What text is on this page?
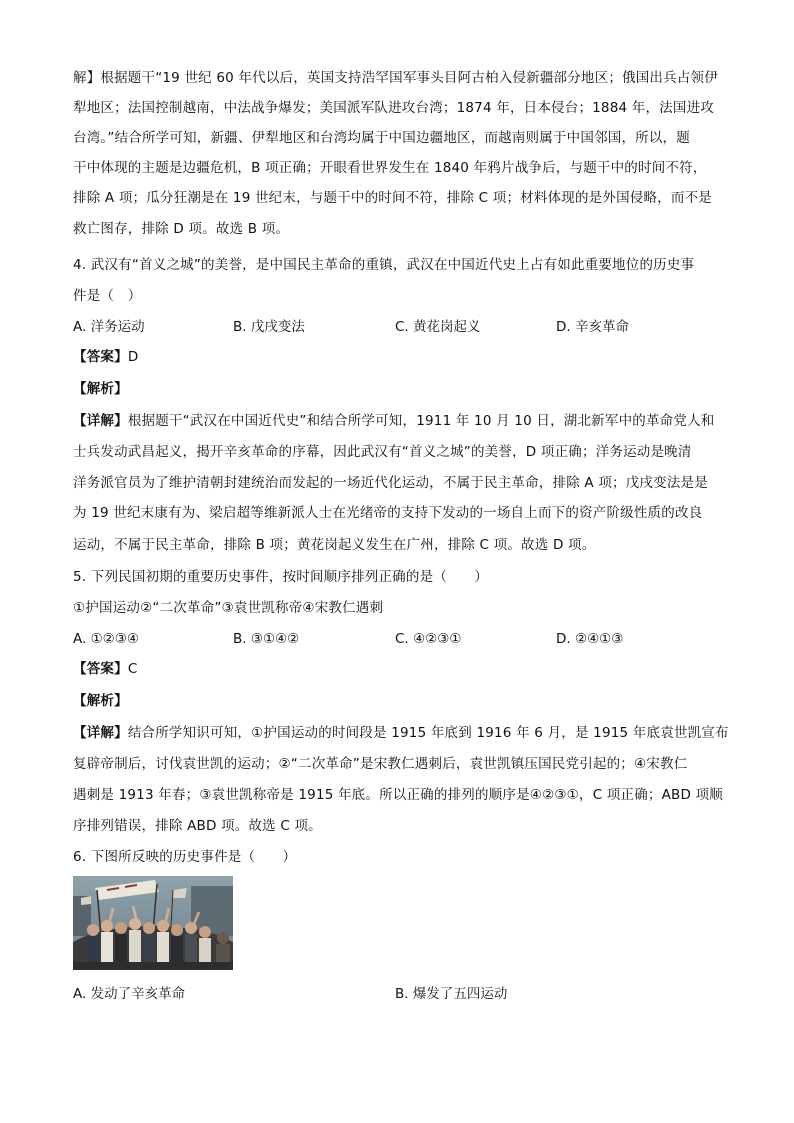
解】根据题干“19 世纪 60 年代以后，英国支持浩罕国军事头目阿古柏入侵新疆部分地区；俄国出兵占领伊
犁地区；法国控制越南，中法战争爆发；美国派军队进攻台湾；1874 年，日本侵台；1884 年，法国进攻
台湾。”结合所学可知，新疆、伊犁地区和台湾均属于中国边疆地区，而越南则属于中国邻国，所以，题
干中体现的主题是边疆危机，B 项正确；开眼看世界发生在 1840 年鸦片战争后，与题干中的时间不符，
排除 A 项；瓜分狂潮是在 19 世纪末，与题干中的时间不符，排除 C 项；材料体现的是外国侵略，而不是
救亡图存，排除 D 项。故选 B 项。
4. 武汉有“首义之城”的美誉，是中国民主革命的重镇，武汉在中国近代史上占有如此重要地位的历史事
件是（　）
A. 洋务运动	B. 戊戌变法	C. 黄花岗起义	D. 辛亥革命
【答案】D
【解析】
【详解】根据题干“武汉在中国近代史”和结合所学可知，1911 年 10 月 10 日，湖北新军中的革命党人和
士兵发动武昌起义，揭开辛亥革命的序幕，因此武汉有“首义之城”的美誉，D 项正确；洋务运动是晚清
洋务派官员为了维护清朝封建统治而发起的一场近代化运动，不属于民主革命，排除 A 项；戊戌变法是是
为 19 世纪末康有为、梁启超等维新派人士在光绪帝的支持下发动的一场自上而下的资产阶级性质的改良
运动，不属于民主革命，排除 B 项；黄花岗起义发生在广州，排除 C 项。故选 D 项。
5. 下列民国初期的重要历史事件，按时间顺序排列正确的是（　　）
①护国运动②“二次革命”③袁世凯称帝④宋教仁遇刺
A. ①②③④	B. ③①④②	C. ④②③①	D. ②④①③
【答案】C
【解析】
【详解】结合所学知识可知，①护国运动的时间段是 1915 年底到 1916 年 6 月，是 1915 年底袁世凯宣布
复辟帝制后，讨伐袁世凯的运动；②“二次革命”是宋教仁遇刺后，袁世凯镇压国民党引起的；④宋教仁
遇刺是 1913 年春；③袁世凯称帝是 1915 年底。所以正确的排列的顺序是④②③①，C 项正确；ABD 项顺
序排列错误，排除 ABD 项。故选 C 项。
6. 下图所反映的历史事件是（　　）
A. 发动了辛亥革命	B. 爆发了五四运动
